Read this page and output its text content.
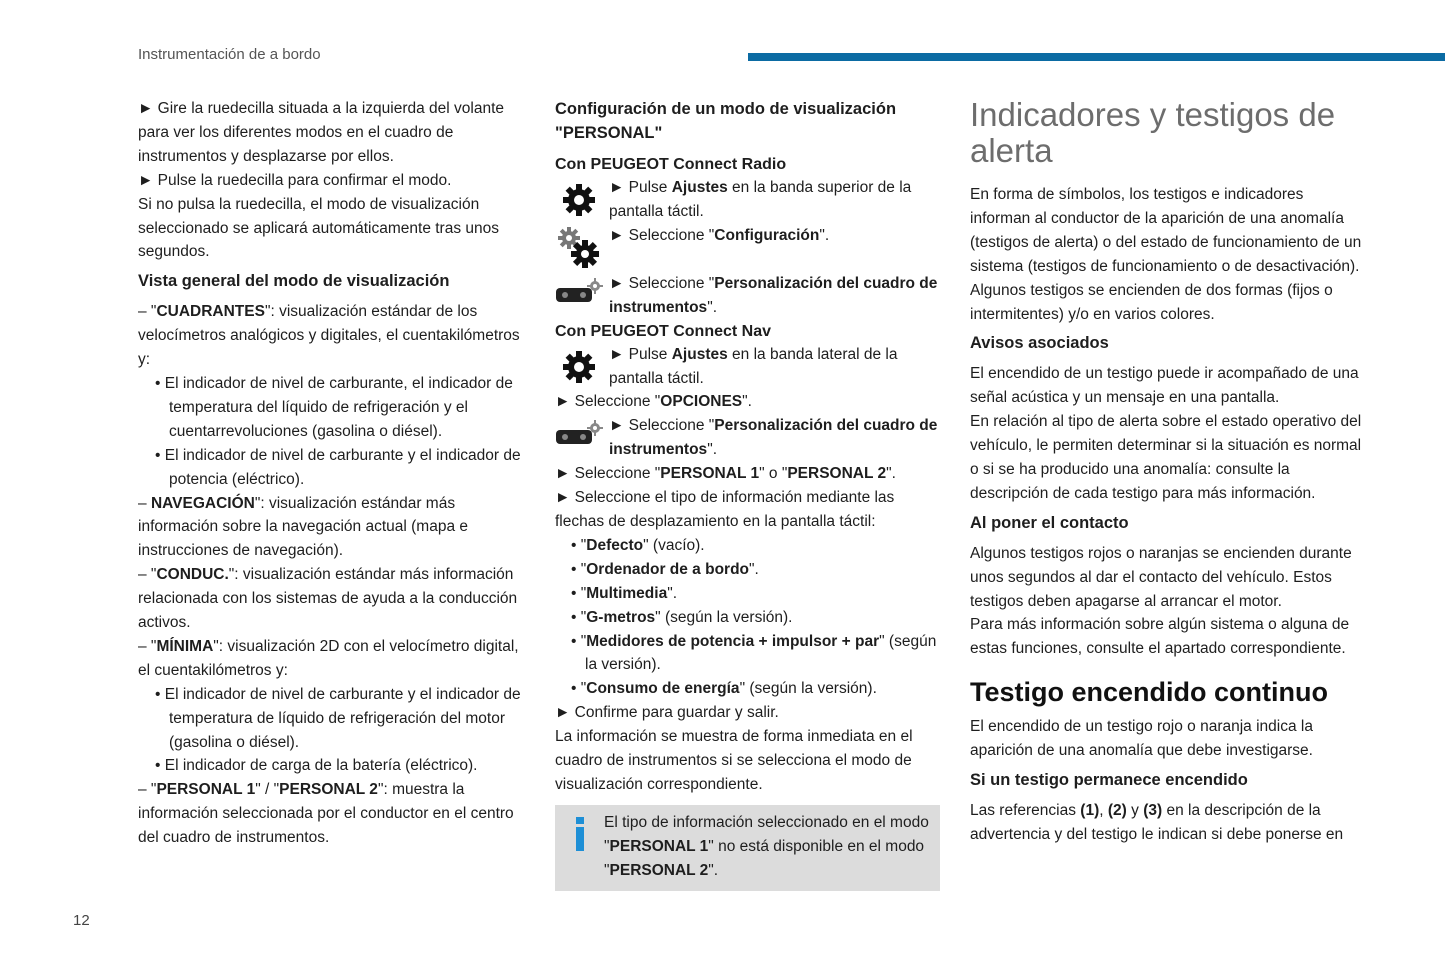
Instrumentación de a bordo

► Gire la ruedecilla situada a la izquierda del volante para ver los diferentes modos en el cuadro de instrumentos y desplazarse por ellos.

► Pulse la ruedecilla para confirmar el modo.

Si no pulsa la ruedecilla, el modo de visualización seleccionado se aplicará automáticamente tras unos segundos.

Vista general del modo de visualización

– "CUADRANTES": visualización estándar de los velocímetros analógicos y digitales, el cuentakilómetros y:

• El indicador de nivel de carburante, el indicador de temperatura del líquido de refrigeración y el cuentarrevoluciones (gasolina o diésel).

• El indicador de nivel de carburante y el indicador de potencia (eléctrico).

– NAVEGACIÓN": visualización estándar más información sobre la navegación actual (mapa e instrucciones de navegación).

– "CONDUC.": visualización estándar más información relacionada con los sistemas de ayuda a la conducción activos.

– "MÍNIMA": visualización 2D con el velocímetro digital, el cuentakilómetros y:

• El indicador de nivel de carburante y el indicador de temperatura de líquido de refrigeración del motor (gasolina o diésel).

• El indicador de carga de la batería (eléctrico).

– "PERSONAL 1" / "PERSONAL 2": muestra la información seleccionada por el conductor en el centro del cuadro de instrumentos.

Configuración de un modo de visualización "PERSONAL"

Con PEUGEOT Connect Radio

► Pulse Ajustes en la banda superior de la pantalla táctil.

► Seleccione "Configuración".

► Seleccione "Personalización del cuadro de instrumentos".

Con PEUGEOT Connect Nav

► Pulse Ajustes en la banda lateral de la pantalla táctil.

► Seleccione "OPCIONES".

► Seleccione "Personalización del cuadro de instrumentos".

► Seleccione "PERSONAL 1" o "PERSONAL 2".

► Seleccione el tipo de información mediante las flechas de desplazamiento en la pantalla táctil:

• "Defecto" (vacío).

• "Ordenador de a bordo".

• "Multimedia".

• "G-metros" (según la versión).

• "Medidores de potencia + impulsor + par" (según la versión).

• "Consumo de energía" (según la versión).

► Confirme para guardar y salir.

La información se muestra de forma inmediata en el cuadro de instrumentos si se selecciona el modo de visualización correspondiente.

El tipo de información seleccionado en el modo "PERSONAL 1" no está disponible en el modo "PERSONAL 2".

Indicadores y testigos de alerta

En forma de símbolos, los testigos e indicadores informan al conductor de la aparición de una anomalía (testigos de alerta) o del estado de funcionamiento de un sistema (testigos de funcionamiento o de desactivación). Algunos testigos se encienden de dos formas (fijos o intermitentes) y/o en varios colores.

Avisos asociados

El encendido de un testigo puede ir acompañado de una señal acústica y un mensaje en una pantalla.

En relación al tipo de alerta sobre el estado operativo del vehículo, le permiten determinar si la situación es normal o si se ha producido una anomalía: consulte la descripción de cada testigo para más información.

Al poner el contacto

Algunos testigos rojos o naranjas se encienden durante unos segundos al dar el contacto del vehículo. Estos testigos deben apagarse al arrancar el motor.

Para más información sobre algún sistema o alguna de estas funciones, consulte el apartado correspondiente.

Testigo encendido continuo

El encendido de un testigo rojo o naranja indica la aparición de una anomalía que debe investigarse.

Si un testigo permanece encendido

Las referencias (1), (2) y (3) en la descripción de la advertencia y del testigo le indican si debe ponerse en

12
